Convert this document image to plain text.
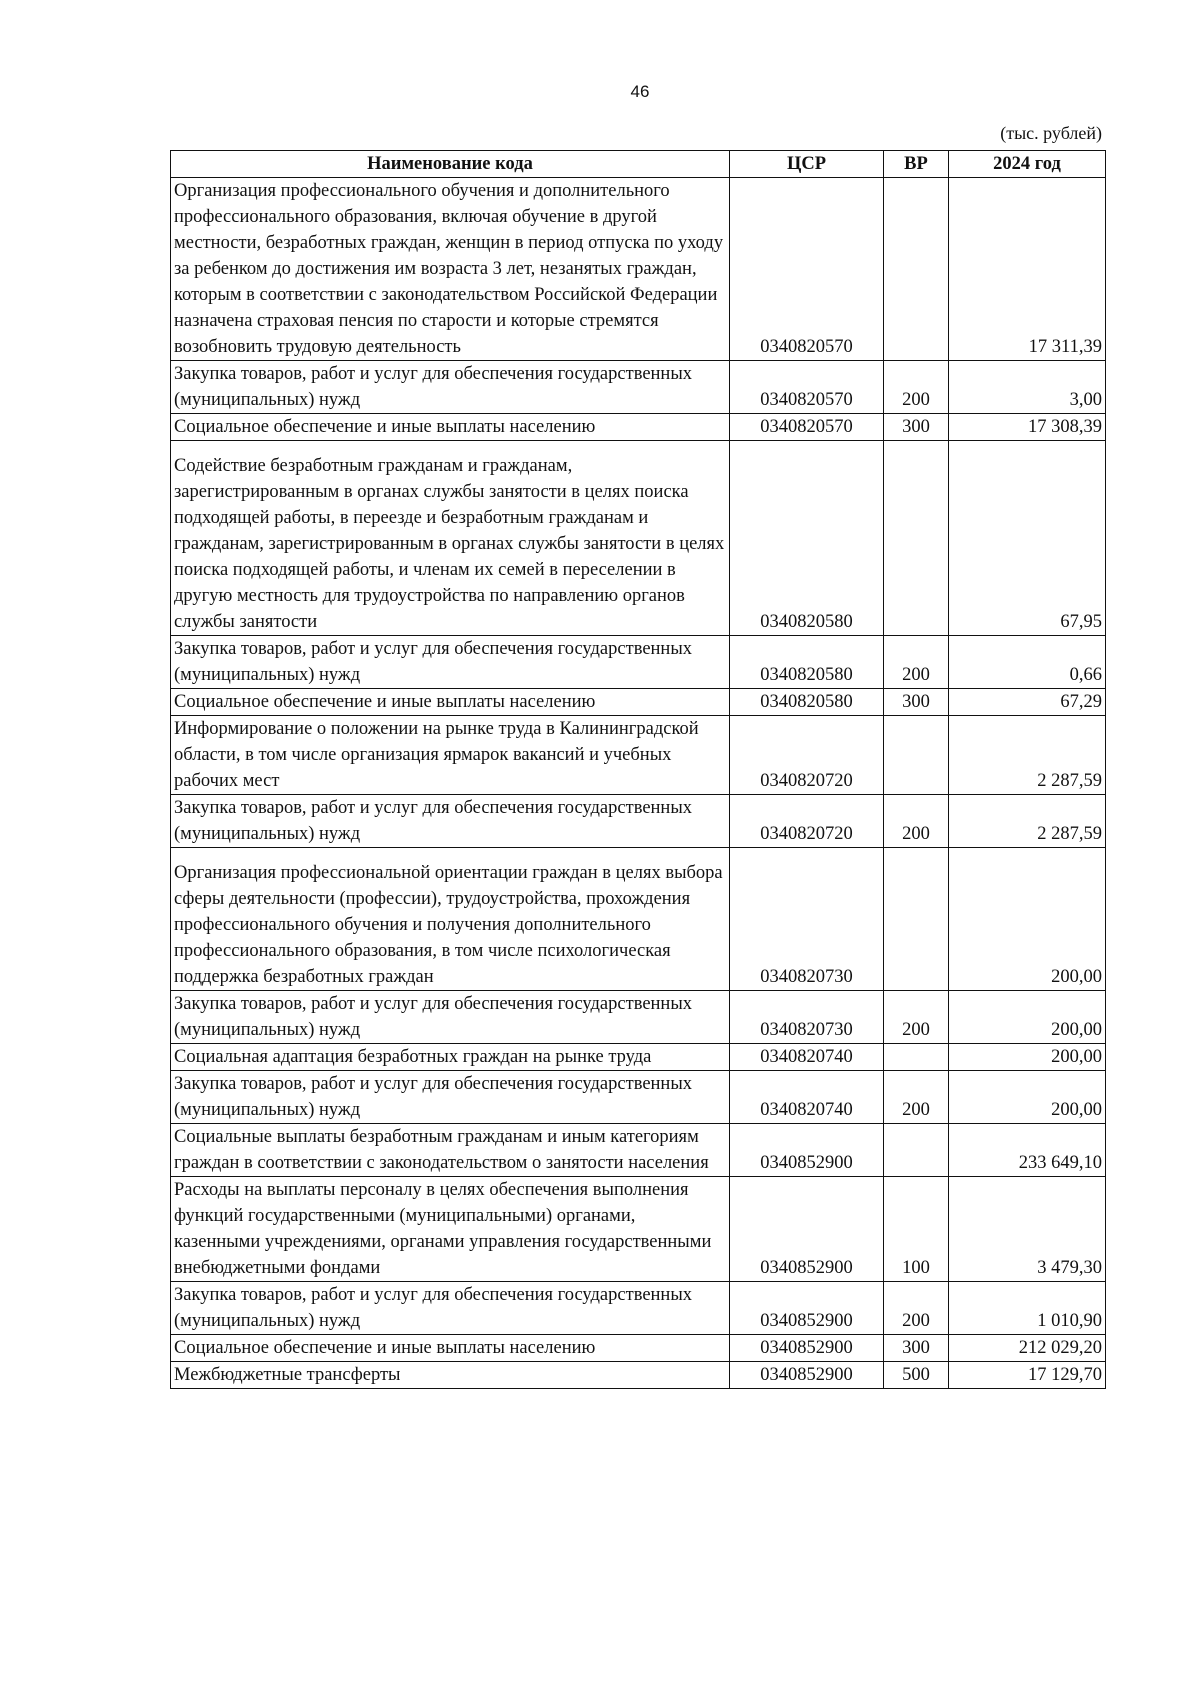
46
(тыс. рублей)
Наименование кода	ЦСР	ВР	2024 год
Организация профессионального обучения и дополнительного профессионального образования, включая обучение в другой местности, безработных граждан, женщин в период отпуска по уходу за ребенком до достижения им возраста 3 лет, незанятых граждан, которым в соответствии с законодательством Российской Федерации назначена страховая пенсия по старости и которые стремятся возобновить трудовую деятельность	0340820570		17 311,39
Закупка товаров, работ и услуг для обеспечения государственных (муниципальных) нужд	0340820570	200	3,00
Социальное обеспечение и иные выплаты населению	0340820570	300	17 308,39
Содействие безработным гражданам и гражданам, зарегистрированным в органах службы занятости в целях поиска подходящей работы, в переезде и безработным гражданам и гражданам, зарегистрированным в органах службы занятости в целях поиска подходящей работы, и членам их семей в переселении в другую местность для трудоустройства по направлению органов службы занятости	0340820580		67,95
Закупка товаров, работ и услуг для обеспечения государственных (муниципальных) нужд	0340820580	200	0,66
Социальное обеспечение и иные выплаты населению	0340820580	300	67,29
Информирование о положении на рынке труда в Калининградской области, в том числе организация ярмарок вакансий и учебных рабочих мест	0340820720		2 287,59
Закупка товаров, работ и услуг для обеспечения государственных (муниципальных) нужд	0340820720	200	2 287,59
Организация профессиональной ориентации граждан в целях выбора сферы деятельности (профессии), трудоустройства, прохождения профессионального обучения и получения дополнительного профессионального образования, в том числе психологическая поддержка безработных граждан	0340820730		200,00
Закупка товаров, работ и услуг для обеспечения государственных (муниципальных) нужд	0340820730	200	200,00
Социальная адаптация безработных граждан на рынке труда	0340820740		200,00
Закупка товаров, работ и услуг для обеспечения государственных (муниципальных) нужд	0340820740	200	200,00
Социальные выплаты безработным гражданам и иным категориям граждан в соответствии с законодательством о занятости населения	0340852900		233 649,10
Расходы на выплаты персоналу в целях обеспечения выполнения функций государственными (муниципальными) органами, казенными учреждениями, органами управления государственными внебюджетными фондами	0340852900	100	3 479,30
Закупка товаров, работ и услуг для обеспечения государственных (муниципальных) нужд	0340852900	200	1 010,90
Социальное обеспечение и иные выплаты населению	0340852900	300	212 029,20
Межбюджетные трансферты	0340852900	500	17 129,70
